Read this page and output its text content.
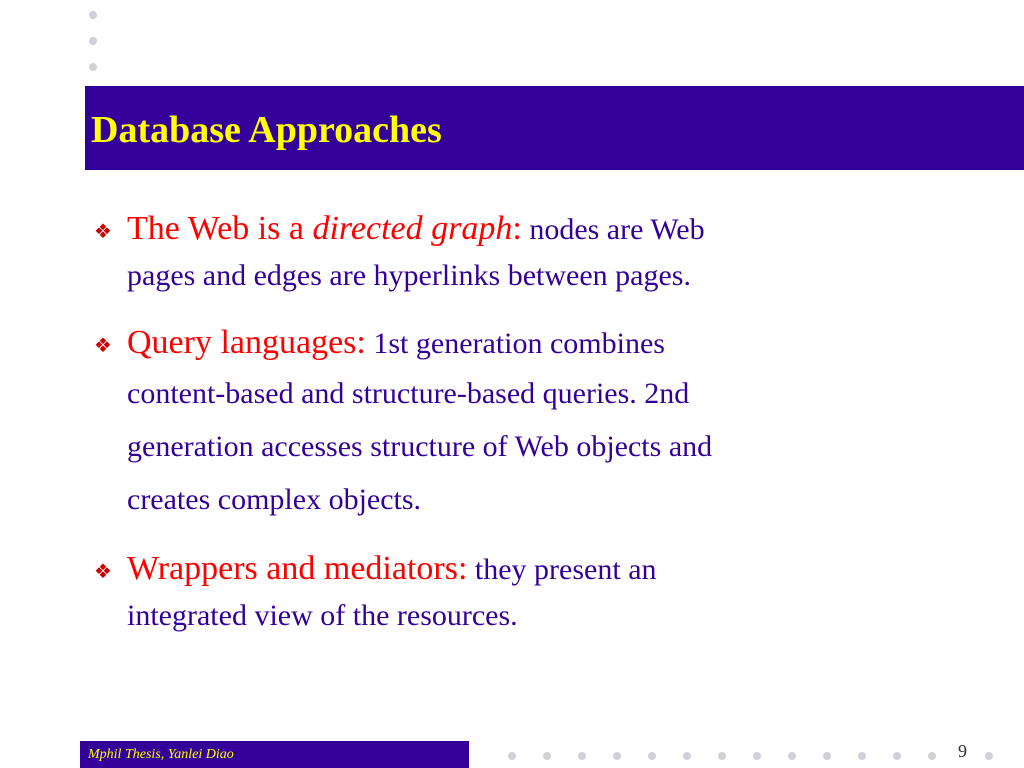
Database Approaches
❖ The Web is a directed graph: nodes are Web
pages and edges are hyperlinks between pages.
❖ Query languages: 1st generation combines
content-based and structure-based queries. 2nd
generation accesses structure of Web objects and
creates complex objects.
❖ Wrappers and mediators: they present an
integrated view of the resources.
Mphil Thesis, Yanlei Diao	9
